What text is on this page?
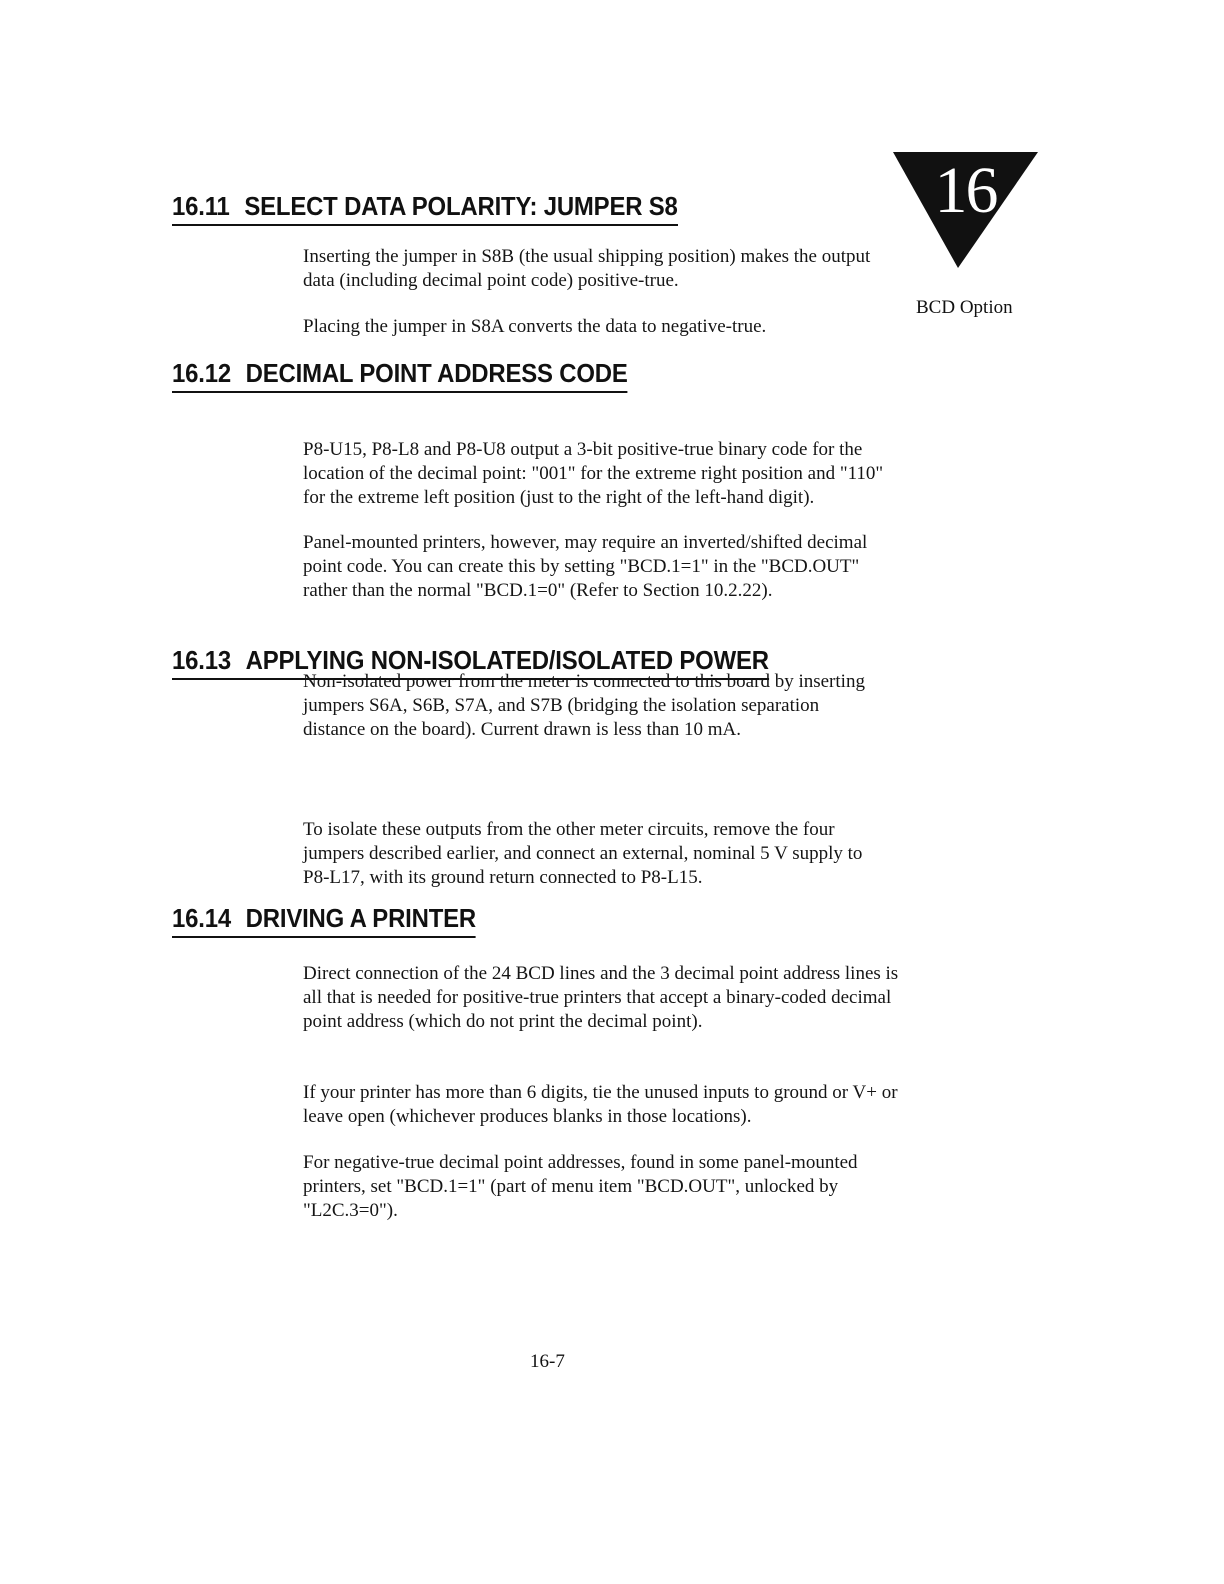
16
BCD Option
16.11 SELECT DATA POLARITY: JUMPER S8

Inserting the jumper in S8B (the usual shipping position) makes the output data (including decimal point code) positive-true.

Placing the jumper in S8A converts the data to negative-true.

16.12 DECIMAL POINT ADDRESS CODE

P8-U15, P8-L8 and P8-U8 output a 3-bit positive-true binary code for the location of the decimal point: "001" for the extreme right position and "110" for the extreme left position (just to the right of the left-hand digit).

Panel-mounted printers, however, may require an inverted/shifted decimal point code. You can create this by setting "BCD.1=1" in the "BCD.OUT" rather than the normal "BCD.1=0" (Refer to Section 10.2.22).

16.13 APPLYING NON-ISOLATED/ISOLATED POWER

Non-isolated power from the meter is connected to this board by inserting jumpers S6A, S6B, S7A, and S7B (bridging the isolation separation distance on the board). Current drawn is less than 10 mA.

To isolate these outputs from the other meter circuits, remove the four jumpers described earlier, and connect an external, nominal 5 V supply to P8-L17, with its ground return connected to P8-L15.

16.14 DRIVING A PRINTER

Direct connection of the 24 BCD lines and the 3 decimal point address lines is all that is needed for positive-true printers that accept a binary-coded decimal point address (which do not print the decimal point).

If your printer has more than 6 digits, tie the unused inputs to ground or V+ or leave open (whichever produces blanks in those locations).

For negative-true decimal point addresses, found in some panel-mounted printers, set "BCD.1=1" (part of menu item "BCD.OUT", unlocked by "L2C.3=0").

16-7
